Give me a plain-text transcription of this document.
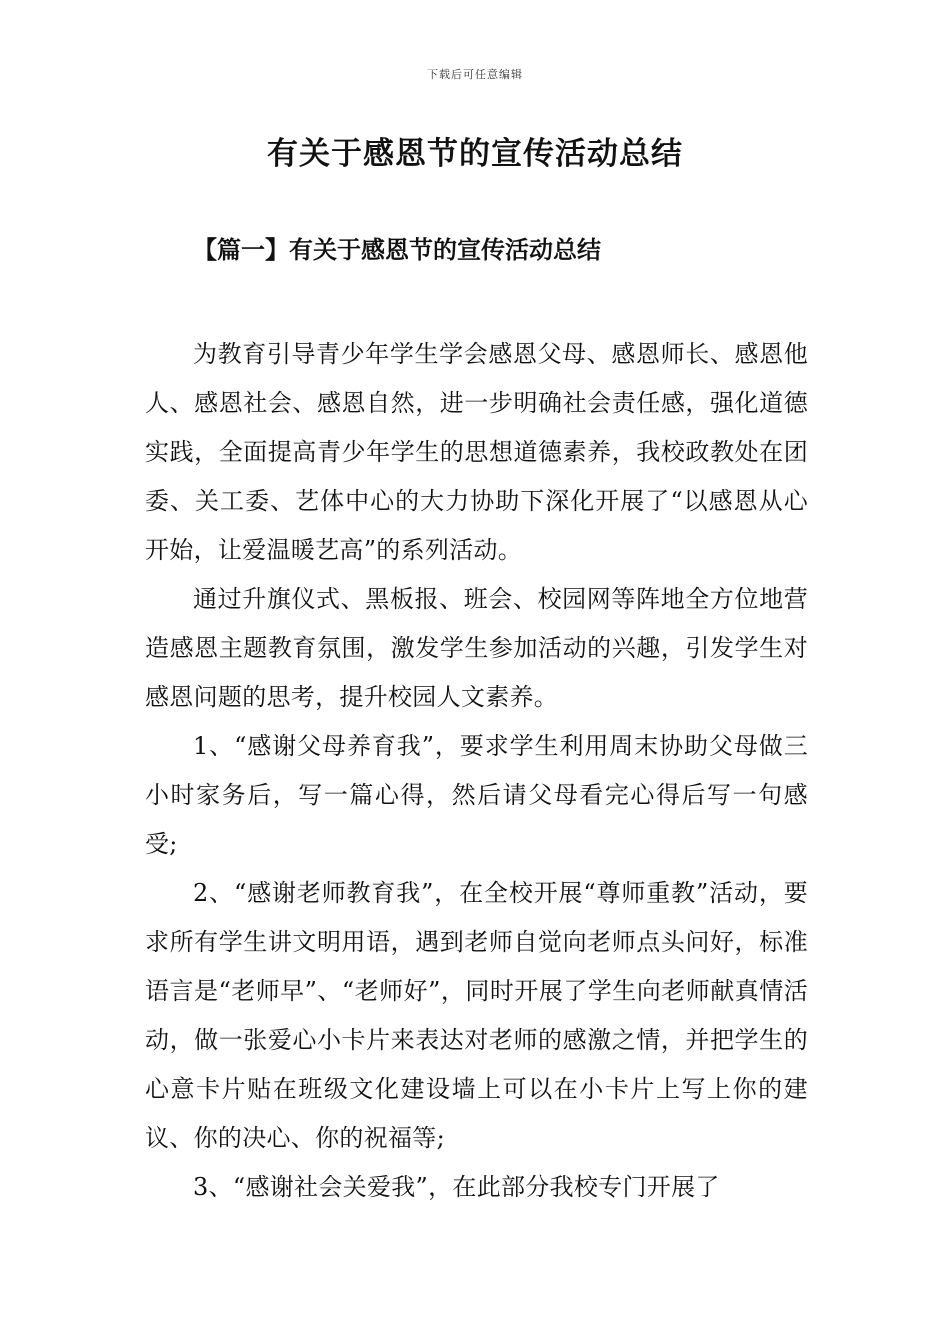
下载后可任意编辑
有关于感恩节的宣传活动总结
【篇一】有关于感恩节的宣传活动总结

为教育引导青少年学生学会感恩父母、感恩师长、感恩他人、感恩社会、感恩自然，进一步明确社会责任感，强化道德实践，全面提高青少年学生的思想道德素养，我校政教处在团委、关工委、艺体中心的大力协助下深化开展了“以感恩从心开始，让爱温暖艺高”的系列活动。

通过升旗仪式、黑板报、班会、校园网等阵地全方位地营造感恩主题教育氛围，激发学生参加活动的兴趣，引发学生对感恩问题的思考，提升校园人文素养。

1、“感谢父母养育我”，要求学生利用周末协助父母做三小时家务后，写一篇心得，然后请父母看完心得后写一句感受;

2、“感谢老师教育我”，在全校开展“尊师重教”活动，要求所有学生讲文明用语，遇到老师自觉向老师点头问好，标准语言是“老师早”、“老师好”，同时开展了学生向老师献真情活动，做一张爱心小卡片来表达对老师的感激之情，并把学生的心意卡片贴在班级文化建设墙上可以在小卡片上写上你的建议、你的决心、你的祝福等;

3、“感谢社会关爱我”，在此部分我校专门开展了
